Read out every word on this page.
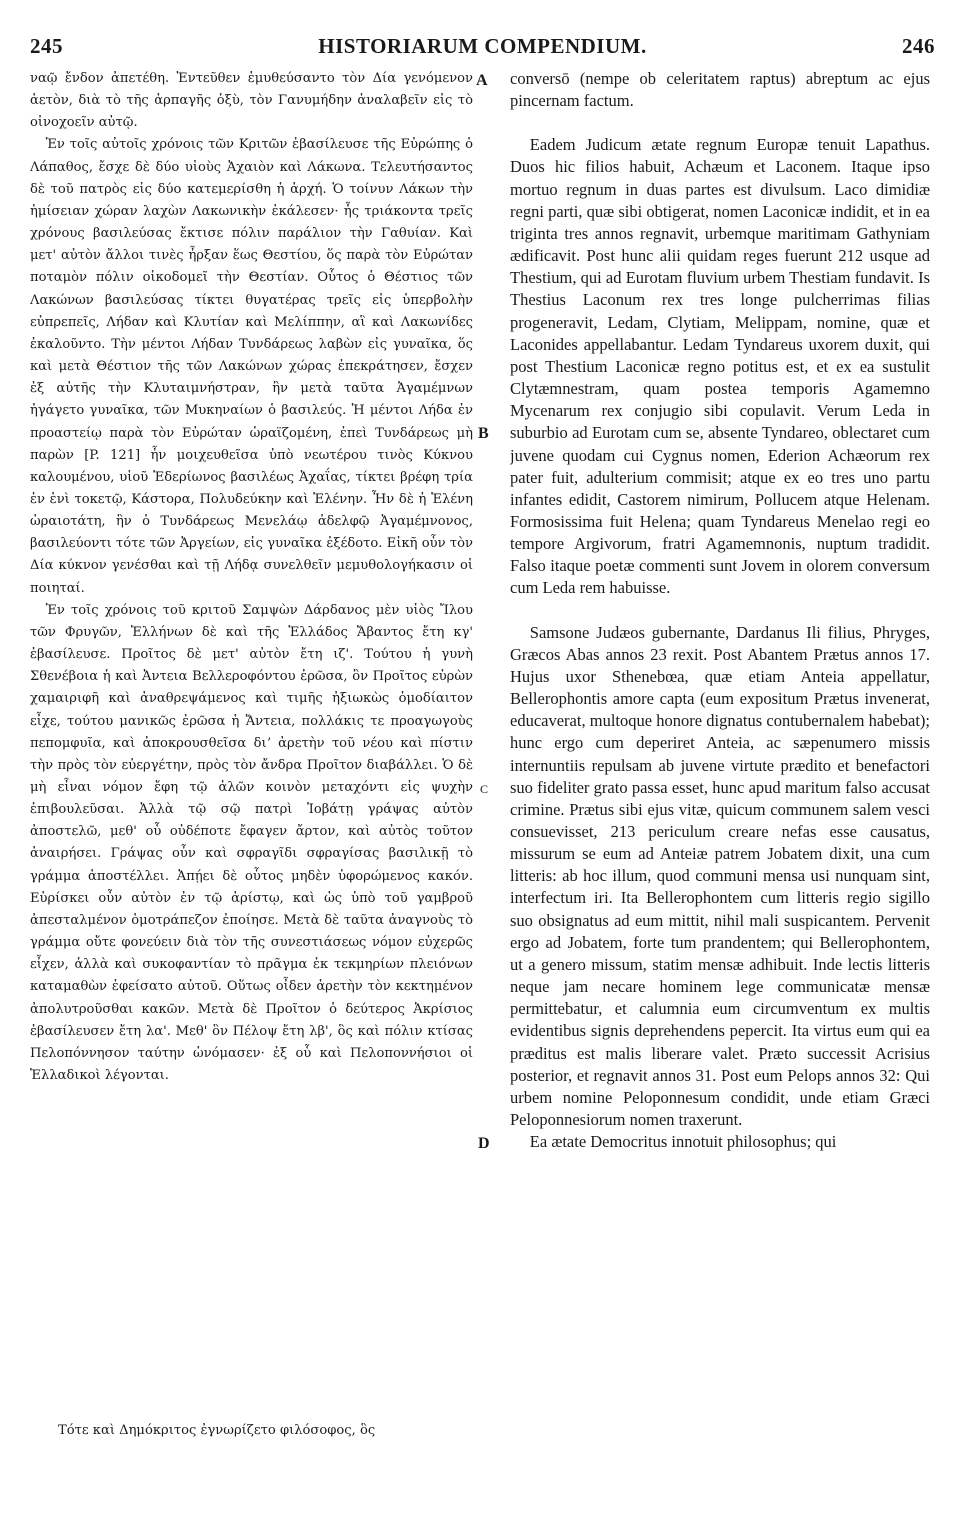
245	HISTORIARUM COMPENDIUM.	246

ναῷ ἔνδον ἀπετέθη. Ἐντεῦθεν ἐμυθεύσαντο τὸν Δία γενόμενον ἀετὸν, διὰ τὸ τῆς ἁρπαγῆς ὀξὺ, τὸν Γανυμήδην ἀναλαβεῖν εἰς τὸ οἰνοχοεῖν αὐτῷ.

Ἐν τοῖς αὐτοῖς χρόνοις τῶν Κριτῶν ἐβασίλευσε τῆς Εὐρώπης ὁ Λάπαθος, ἔσχε δὲ δύο υἱοὺς Ἀχαιὸν καὶ Λάκωνα. Τελευτήσαντος δὲ τοῦ πατρὸς εἰς δύο κατεμερίσθη ἡ ἀρχή. Ὁ τοίνυν Λάκων τὴν ἡμίσειαν χώραν λαχὼν Λακωνικὴν ἐκάλεσεν· ἧς τριάκοντα τρεῖς χρόνους βασιλεύσας ἔκτισε πόλιν παράλιον τὴν Γαθυίαν. Καὶ μετ' αὐτὸν ἄλλοι τινὲς ἦρξαν ἕως Θεστίου, ὅς παρὰ τὸν Εὐρώταν ποταμὸν πόλιν οἰκοδομεῖ τὴν Θεστίαν. Οὗτος ὁ Θέστιος τῶν Λακώνων βασιλεύσας τίκτει θυγατέρας τρεῖς εἰς ὑπερβολὴν εὐπρεπεῖς, Λήδαν καὶ Κλυτίαν καὶ Μελίππην, αἳ καὶ Λακωνίδες ἐκαλοῦντο. Τὴν μέντοι Λήδαν Τυνδάρεως λαβὼν εἰς γυναῖκα, ὅς καὶ μετὰ Θέστιον τῆς τῶν Λακώνων χώρας ἐπεκράτησεν, ἔσχεν ἐξ αὐτῆς τὴν Κλυταιμνήστραν, ἣν μετὰ ταῦτα Ἀγαμέμνων ἠγάγετο γυναῖκα, τῶν Μυκηναίων ὁ βασιλεύς. Ἡ μέντοι Λήδα ἐν προαστείῳ παρὰ τὸν Εὐρώταν ὡραϊζομένη, ἐπεὶ Τυνδάρεως μὴ παρὼν [P. 121] ἦν μοιχευθεῖσα ὑπὸ νεωτέρου τινὸς Κύκνου καλουμένου, υἱοῦ Ἐδερίωνος βασιλέως Ἀχαΐας, τίκτει βρέφη τρία ἐν ἑνὶ τοκετῷ, Κάστορα, Πολυδεύκην καὶ Ἑλένην. Ἦν δὲ ἡ Ἑλένη ὡραιοτάτη, ἣν ὁ Τυνδάρεως Μενελάῳ ἀδελφῷ Ἀγαμέμνονος, βασιλεύοντι τότε τῶν Ἀργείων, εἰς γυναῖκα ἐξέδοτο. Εἰκῆ οὖν τὸν Δία κύκνον γενέσθαι καὶ τῇ Λήδᾳ συνελθεῖν μεμυθολογήκασιν οἱ ποιηταί.

Ἐν τοῖς χρόνοις τοῦ κριτοῦ Σαμψὼν Δάρδανος μὲν υἱὸς Ἴλου τῶν Φρυγῶν, Ἑλλήνων δὲ καὶ τῆς Ἑλλάδος Ἄβαντος ἔτη κγ' ἐβασίλευσε. Προῖτος δὲ μετ' αὐτὸν ἔτη ιζ'. Τούτου ἡ γυνὴ Σθενέβοια ἡ καὶ Ἀντεια Βελλεροφόντου ἐρῶσα, ὃν Προῖτος εὑρὼν χαμαιριφῆ καὶ ἀναθρεψάμενος καὶ τιμῆς ἠξιωκὼς ὁμοδίαιτον εἶχε, τούτου μανικῶς ἐρῶσα ἡ Ἄντεια, πολλάκις τε προαγωγοὺς πεπομφυῖα, καὶ ἀποκρουσθεῖσα διʼ ἀρετὴν τοῦ νέου καὶ πίστιν τὴν πρὸς τὸν εὐεργέτην, πρὸς τὸν ἄνδρα Προῖτον διαβάλλει. Ὁ δὲ μὴ εἶναι νόμον ἔφη τῷ ἀλῶν κοινὸν μεταχόντι εἰς ψυχὴν ἐπιβουλεῦσαι. Ἀλλὰ τῷ σῷ πατρὶ Ἰοβάτῃ γράψας αὐτὸν ἀποστελῶ, μεθ' οὗ οὐδέποτε ἔφαγεν ἄρτον, καὶ αὐτὸς τοῦτον ἀναιρήσει. Γράψας οὖν καὶ σφραγῖδι σφραγίσας βασιλικῇ τὸ γράμμα ἀποστέλλει. Ἀπῄει δὲ οὗτος μηδὲν ὑφορώμενος κακόν. Εὑρίσκει οὖν αὐτὸν ἐν τῷ ἀρίστῳ, καὶ ὡς ὑπὸ τοῦ γαμβροῦ ἀπεσταλμένον ὁμοτράπεζον ἐποίησε. Μετὰ δὲ ταῦτα ἀναγνοὺς τὸ γράμμα οὔτε φονεύειν διὰ τὸν τῆς συνεστιάσεως νόμον εὐχερῶς εἶχεν, ἀλλὰ καὶ συκοφαντίαν τὸ πρᾶγμα ἐκ τεκμηρίων πλειόνων καταμαθὼν ἐφείσατο αὐτοῦ. Οὕτως οἶδεν ἀρετὴν τὸν κεκτημένον ἀπολυτροῦσθαι κακῶν. Μετὰ δὲ Προῖτον ὁ δεύτερος Ἀκρίσιος ἐβασίλευσεν ἔτη λα'. Μεθ' ὃν Πέλοψ ἔτη λβ', ὃς καὶ πόλιν κτίσας Πελοπόννησον ταύτην ὠνόμασεν· ἐξ οὗ καὶ Πελοποννήσιοι οἱ Ἑλλαδικοὶ λέγονται.

Τότε καὶ Δημόκριτος ἐγνωρίζετο φιλόσοφος, ὃς
A
B
C
D

conversō (nempe ob celeritatem raptus) abreptum ac ejus pincernam factum.

Eadem Judicum ætate regnum Europæ tenuit Lapathus. Duos hic filios habuit, Achæum et Laconem. Itaque ipso mortuo regnum in duas partes est divulsum. Laco dimidiæ regni parti, quæ sibi obtigerat, nomen Laconicæ indidit, et in ea triginta tres annos regnavit, urbemque maritimam Gathyniam ædificavit. Post hunc alii quidam reges fuerunt 212 usque ad Thestium, qui ad Eurotam fluvium urbem Thestiam fundavit. Is Thestius Laconum rex tres longe pulcherrimas filias progeneravit, Ledam, Clytiam, Melippam, nomine, quæ et Laconides appellabantur. Ledam Tyndareus uxorem duxit, qui post Thestium Laconicæ regno potitus est, et ex ea sustulit Clytæmnestram, quam postea temporis Agamemno Mycenarum rex conjugio sibi copulavit. Verum Leda in suburbio ad Eurotam cum se, absente Tyndareo, oblectaret cum juvene quodam cui Cygnus nomen, Ederion Achæorum rex pater fuit, adulterium commisit; atque ex eo tres uno partu infantes edidit, Castorem nimirum, Pollucem atque Helenam. Formosissima fuit Helena; quam Tyndareus Menelao regi eo tempore Argivorum, fratri Agamemnonis, nuptum tradidit. Falso itaque poetæ commenti sunt Jovem in olorem conversum cum Leda rem habuisse.

Samsone Judæos gubernante, Dardanus Ili filius, Phryges, Græcos Abas annos 23 rexit. Post Abantem Prætus annos 17. Hujus uxor Sthenebœa, quæ etiam Anteia appellatur, Bellerophontis amore capta (eum expositum Prætus invenerat, educaverat, multoque honore dignatus contubernalem habebat); hunc ergo cum deperiret Anteia, ac sæpenumero missis internuntiis repulsam ab juvene virtute prædito et benefactori suo fideliter grato passa esset, hunc apud maritum falso accusat crimine. Prætus sibi ejus vitæ, quicum communem salem vesci consuevisset, 213 periculum creare nefas esse causatus, missurum se eum ad Anteiæ patrem Jobatem dixit, una cum litteris: ab hoc illum, quod communi mensa usi nunquam sint, interfectum iri. Ita Bellerophontem cum litteris regio sigillo suo obsignatus ad eum mittit, nihil mali suspicantem. Pervenit ergo ad Jobatem, forte tum prandentem; qui Bellerophontem, ut a genero missum, statim mensæ adhibuit. Inde lectis litteris neque jam necare hominem lege communicatæ mensæ permittebatur, et calumnia eum circumventum ex multis evidentibus signis deprehendens pepercit. Ita virtus eum qui ea præditus est malis liberare valet. Præto successit Acrisius posterior, et regnavit annos 31. Post eum Pelops annos 32: Qui urbem nomine Peloponnesum condidit, unde etiam Græci Peloponnesiorum nomen traxerunt.

Ea ætate Democritus innotuit philosophus; qui
